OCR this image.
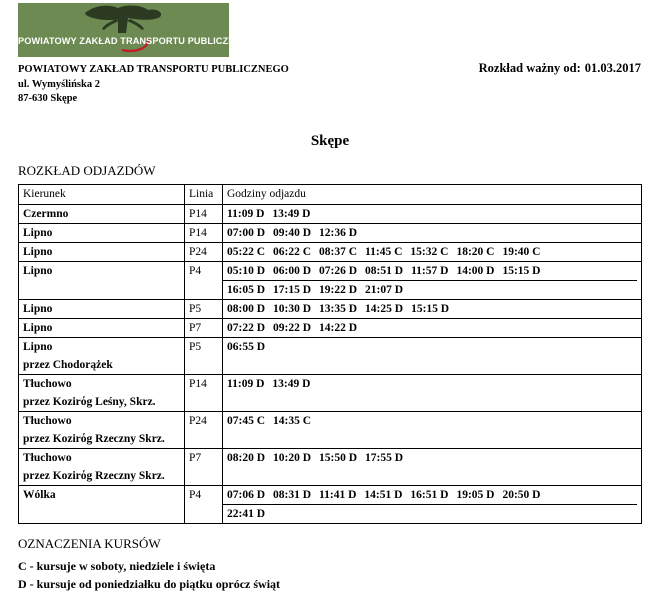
POWIATOWY ZAKŁAD TRANSPORTU PUBLICZNEGO
POWIATOWY ZAKŁAD TRANSPORTU PUBLICZNEGO
ul. Wymyślińska 2
87-630 Skępe
Rozkład ważny od: 01.03.2017
Skępe
ROZKŁAD ODJAZDÓW
Kierunek	Linia	Godziny odjazdu

Czermno	P14	11:09 D 13:49 D

Lipno	P14	07:00 D 09:40 D 12:36 D

Lipno	P24	05:22 C 06:22 C 08:37 C 11:45 C 15:32 C 18:20 C 19:40 C

Lipno	P4	05:10 D 06:00 D 07:26 D 08:51 D 11:57 D 14:00 D 15:15 D
16:05 D 17:15 D 19:22 D 21:07 D

Lipno	P5	08:00 D 10:30 D 13:35 D 14:25 D 15:15 D

Lipno	P7	07:22 D 09:22 D 14:22 D

Lipno
przez Chodorążek	P5	06:55 D

Tłuchowo
przez Kozirόg Leśny, Skrz.	P14	11:09 D 13:49 D

Tłuchowo
przez Kozirόg Rzeczny Skrz.	P24	07:45 C 14:35 C

Tłuchowo
przez Kozirόg Rzeczny Skrz.	P7	08:20 D 10:20 D 15:50 D 17:55 D

Wólka	P4	07:06 D 08:31 D 11:41 D 14:51 D 16:51 D 19:05 D 20:50 D
22:41 D
OZNACZENIA KURSÓW
C - kursuje w soboty, niedziele i święta
D - kursuje od poniedziałku do piątku oprócz świąt
